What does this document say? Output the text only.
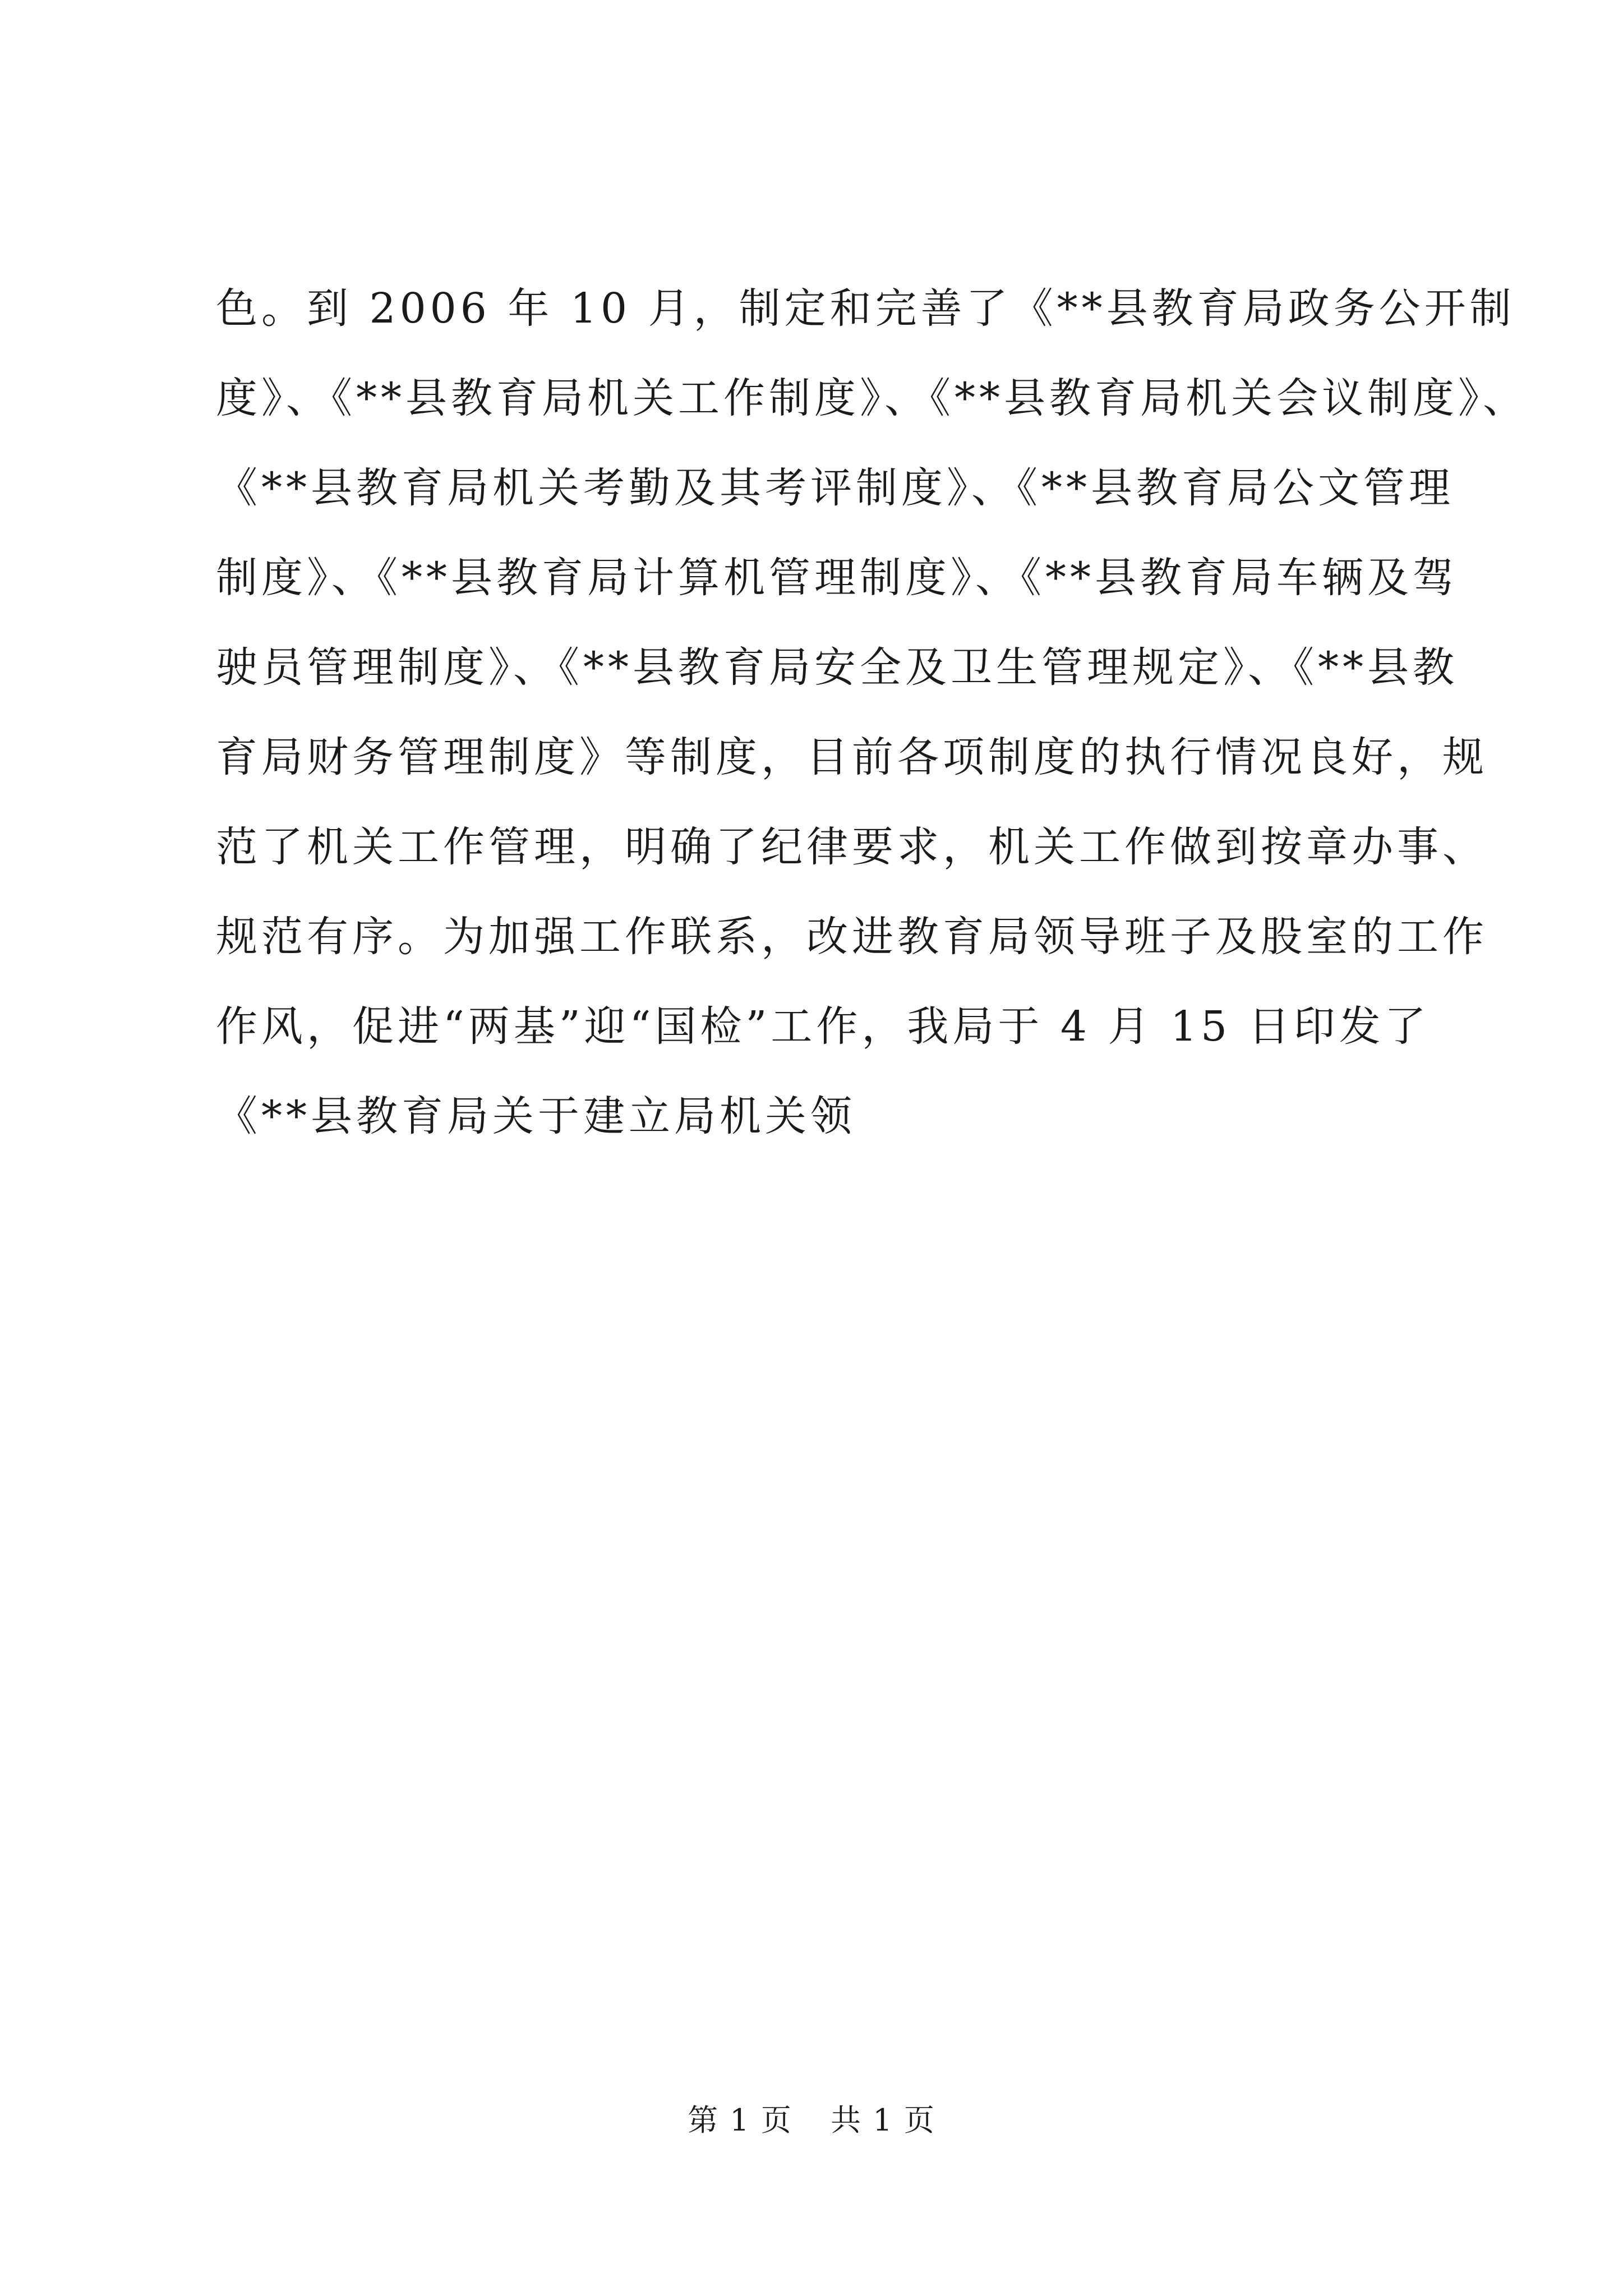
色。到 2006 年 10 月，制定和完善了《**县教育局政务公开制
度》、《**县教育局机关工作制度》、《**县教育局机关会议制度》、
《**县教育局机关考勤及其考评制度》、《**县教育局公文管理
制度》、《**县教育局计算机管理制度》、《**县教育局车辆及驾
驶员管理制度》、《**县教育局安全及卫生管理规定》、《**县教
育局财务管理制度》等制度，目前各项制度的执行情况良好，规
范了机关工作管理，明确了纪律要求，机关工作做到按章办事、
规范有序。为加强工作联系，改进教育局领导班子及股室的工作
作风，促进“两基”迎“国检”工作，我局于 4 月 15 日印发了
《**县教育局关于建立局机关领
第 1 页 共 1 页
